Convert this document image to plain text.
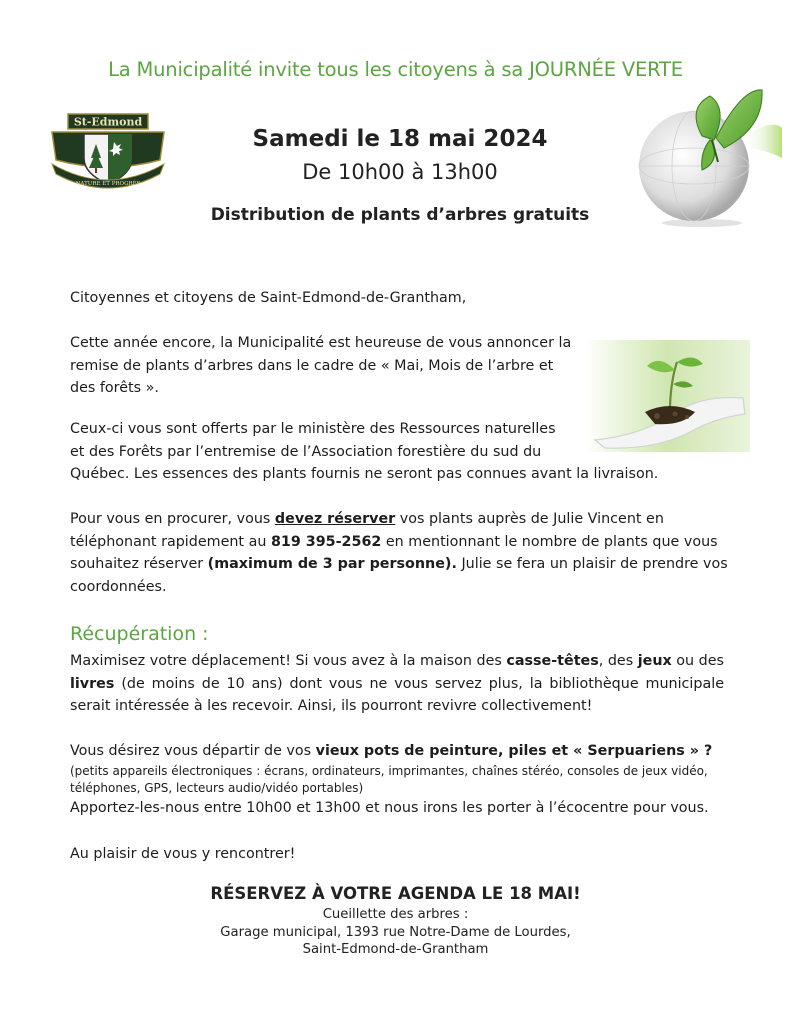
La Municipalité invite tous les citoyens à sa JOURNÉE VERTE
St-Edmond
NATURE ET PROGRÈS
Samedi le 18 mai 2024
De 10h00 à 13h00
Distribution de plants d’arbres gratuits
Citoyennes et citoyens de Saint-Edmond-de-Grantham,
Cette année encore, la Municipalité est heureuse de vous annoncer la remise de plants d’arbres dans le cadre de « Mai, Mois de l’arbre et des forêts ».
Ceux-ci vous sont offerts par le ministère des Ressources naturelles
et des Forêts par l’entremise de l’Association forestière du sud du
Québec. Les essences des plants fournis ne seront pas connues avant la livraison.
Pour vous en procurer, vous devez réserver vos plants auprès de Julie Vincent en téléphonant rapidement au 819 395-2562 en mentionnant le nombre de plants que vous souhaitez réserver (maximum de 3 par personne). Julie se fera un plaisir de prendre vos coordonnées.
Récupération :
Maximisez votre déplacement! Si vous avez à la maison des casse-têtes, des jeux ou des livres (de moins de 10 ans) dont vous ne vous servez plus, la bibliothèque municipale serait intéressée à les recevoir. Ainsi, ils pourront revivre collectivement!
Vous désirez vous départir de vos vieux pots de peinture, piles et « Serpuariens » ?
(petits appareils électroniques : écrans, ordinateurs, imprimantes, chaînes stéréo, consoles de jeux vidéo, téléphones, GPS, lecteurs audio/vidéo portables)
Apportez-les-nous entre 10h00 et 13h00 et nous irons les porter à l’écocentre pour vous.
Au plaisir de vous y rencontrer!
RÉSERVEZ À VOTRE AGENDA LE 18 MAI!
Cueillette des arbres :
Garage municipal, 1393 rue Notre-Dame de Lourdes,
Saint-Edmond-de-Grantham
